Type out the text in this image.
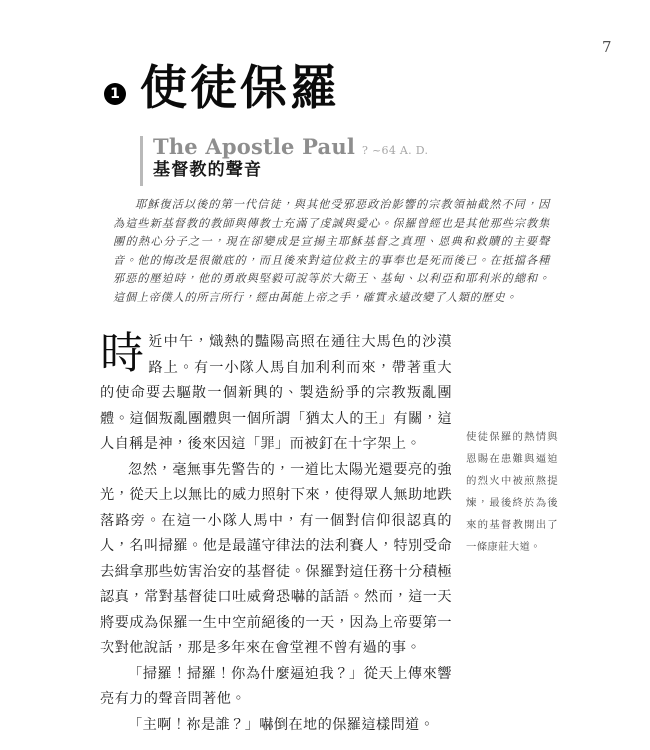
7
1 使徒保羅
The Apostle Paul ? ~64 A. D.
基督教的聲音
耶穌復活以後的第一代信徒，與其他受邪惡政治影響的宗教領袖截然不同，因為這些新基督教的教師與傳教士充滿了虔誠與愛心。保羅曾經也是其他那些宗教集團的熱心分子之一，現在卻變成是宣揚主耶穌基督之真理、恩典和救贖的主要聲音。他的悔改是很徹底的，而且後來對這位救主的事奉也是死而後已。在抵擋各種邪惡的壓迫時，他的勇敢與堅毅可說等於大衛王、基甸、以利亞和耶利米的總和。這個上帝僕人的所言所行，經由萬能上帝之手，確實永遠改變了人類的歷史。

時近中午，熾熱的豔陽高照在通往大馬色的沙漠路上。有一小隊人馬自加利利而來，帶著重大的使命要去驅散一個新興的、製造紛爭的宗教叛亂團體。這個叛亂團體與一個所謂「猶太人的王」有關，這人自稱是神，後來因這「罪」而被釘在十字架上。

忽然，毫無事先警告的，一道比太陽光還要亮的強光，從天上以無比的威力照射下來，使得眾人無助地跌落路旁。在這一小隊人馬中，有一個對信仰很認真的人，名叫掃羅。他是最謹守律法的法利賽人，特別受命去緝拿那些妨害治安的基督徒。保羅對這任務十分積極認真，常對基督徒口吐威脅恐嚇的話語。然而，這一天將要成為保羅一生中空前絕後的一天，因為上帝要第一次對他說話，那是多年來在會堂裡不曾有過的事。

「掃羅！掃羅！你為什麼逼迫我？」從天上傳來響亮有力的聲音問著他。

「主啊！祢是誰？」嚇倒在地的保羅這樣問道。

使徒保羅的熱情與恩賜在患難與逼迫的烈火中被煎熬提煉，最後終於為後來的基督教開出了一條康莊大道。
